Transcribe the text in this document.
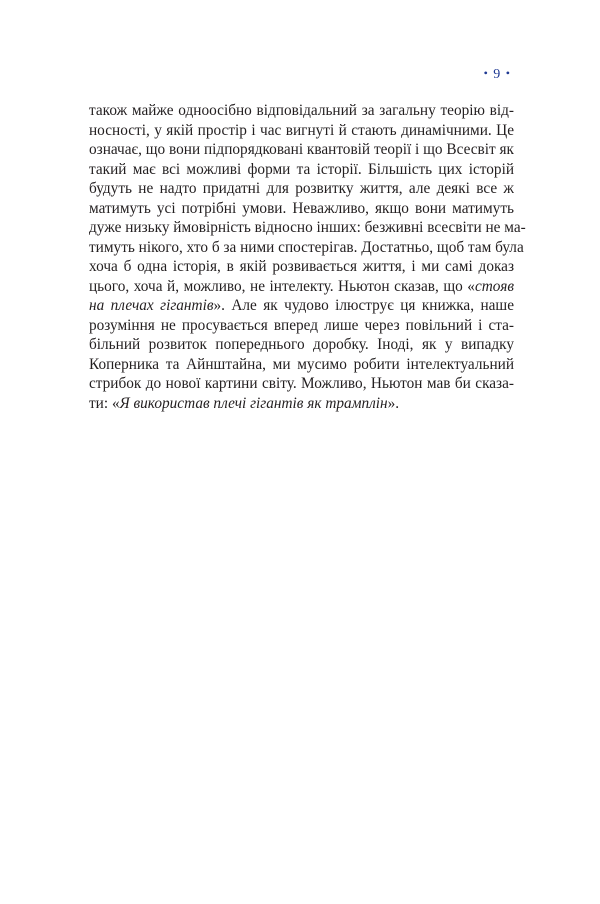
• 9 •
також майже одноосібно відповідальний за загальну теорію від-
носності, у якій простір і час вигнуті й стають динамічними. Це
означає, що вони підпорядковані квантовій теорії і що Всесвіт як
такий має всі можливі форми та історії. Більшість цих історій
будуть не надто придатні для розвитку життя, але деякі все ж
матимуть усі потрібні умови. Неважливо, якщо вони матимуть
дуже низьку ймовірність відносно інших: безживні всесвіти не ма-
тимуть нікого, хто б за ними спостерігав. Достатньо, щоб там була
хоча б одна історія, в якій розвивається життя, і ми самі доказ
цього, хоча й, можливо, не інтелекту. Ньютон сказав, що «стояв
на плечах гігантів». Але як чудово ілюструє ця книжка, наше
розуміння не просувається вперед лише через повільний і ста-
більний розвиток попереднього доробку. Іноді, як у випадку
Коперника та Айнштайна, ми мусимо робити інтелектуальний
стрибок до нової картини світу. Можливо, Ньютон мав би сказа-
ти: «Я використав плечі гігантів як трамплін».
